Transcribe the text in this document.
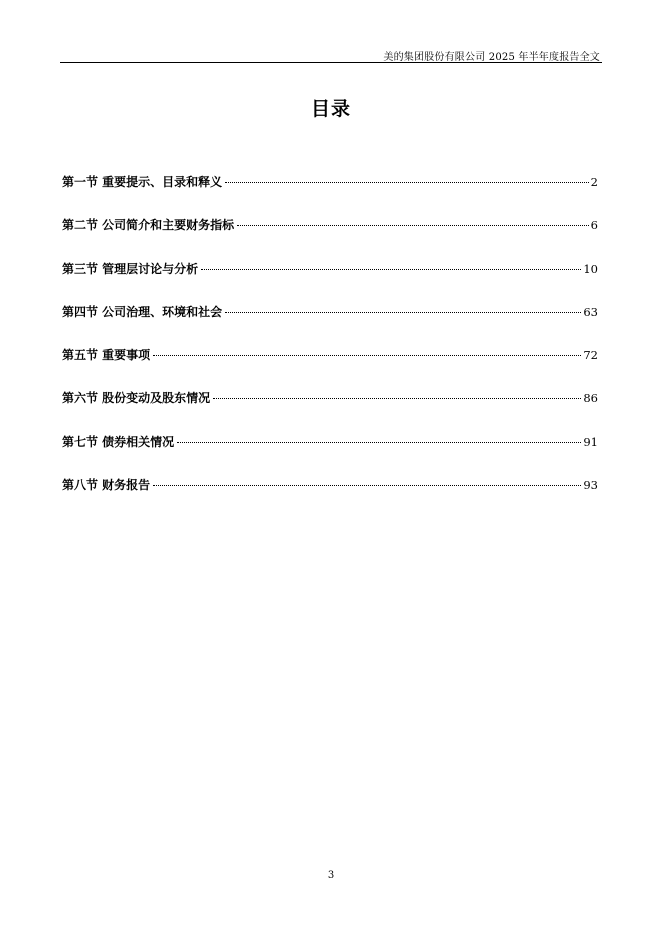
美的集团股份有限公司 2025 年半年度报告全文
目录
第一节 重要提示、目录和释义	2
第二节 公司简介和主要财务指标	6
第三节 管理层讨论与分析	10
第四节 公司治理、环境和社会	63
第五节 重要事项	72
第六节 股份变动及股东情况	86
第七节 债券相关情况	91
第八节 财务报告	93
3
